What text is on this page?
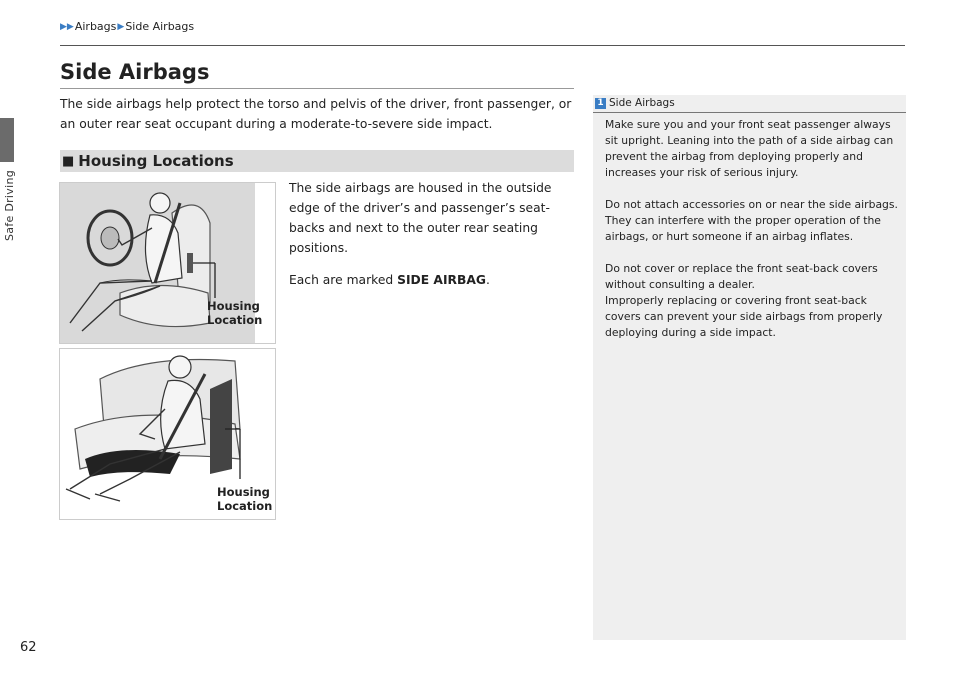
Safe Driving
▶▶ Airbags ▶ Side Airbags
Side Airbags

The side airbags help protect the torso and pelvis of the driver, front passenger, or an outer rear seat occupant during a moderate-to-severe side impact.

■ Housing Locations

The side airbags are housed in the outside edge of the driver’s and passenger’s seat-backs and next to the outer rear seating positions.

Each are marked SIDE AIRBAG.

Housing
Location
Housing
Location
1 Side Airbags

Make sure you and your front seat passenger always sit upright. Leaning into the path of a side airbag can prevent the airbag from deploying properly and increases your risk of serious injury.

Do not attach accessories on or near the side airbags. They can interfere with the proper operation of the airbags, or hurt someone if an airbag inflates.

Do not cover or replace the front seat-back covers without consulting a dealer.

Improperly replacing or covering front seat-back covers can prevent your side airbags from properly deploying during a side impact.

62
